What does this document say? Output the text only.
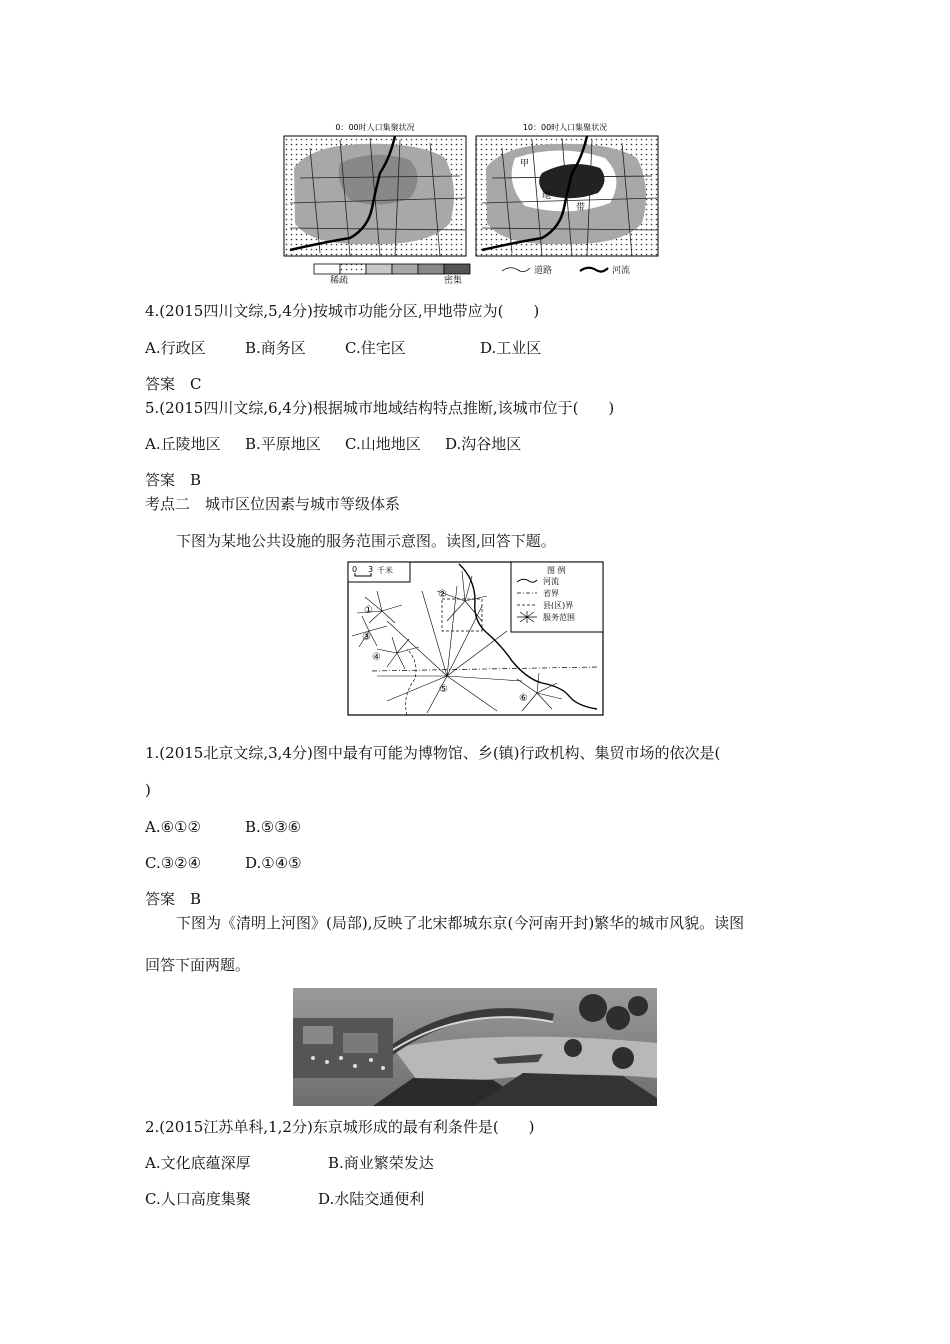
0：00时人口集聚状况	10：00时人口集聚状况
甲
地
带
稀疏	密集
道路	河流
4.(2015四川文综,5,4分)按城市功能分区,甲地带应为(　　)
A.行政区	B.商务区	C.住宅区	D.工业区
答案　C
5.(2015四川文综,6,4分)根据城市地域结构特点推断,该城市位于(　　)
A.丘陵地区 B.平原地区 C.山地地区 D.沟谷地区
答案　B
考点二　城市区位因素与城市等级体系
下图为某地公共设施的服务范围示意图。读图,回答下题。
0 3 千米	图 例
河流
省界
县(区)界
服务范围
①
②
③
④
⑤
⑥
1.(2015北京文综,3,4分)图中最有可能为博物馆、乡(镇)行政机构、集贸市场的依次是(
)
A.⑥①②	B.⑤③⑥
C.③②④	D.①④⑤
答案　B
下图为《清明上河图》(局部),反映了北宋都城东京(今河南开封)繁华的城市风貌。读图
回答下面两题。
2.(2015江苏单科,1,2分)东京城形成的最有利条件是(　　)
A.文化底蕴深厚	B.商业繁荣发达
C.人口高度集聚	D.水陆交通便利
